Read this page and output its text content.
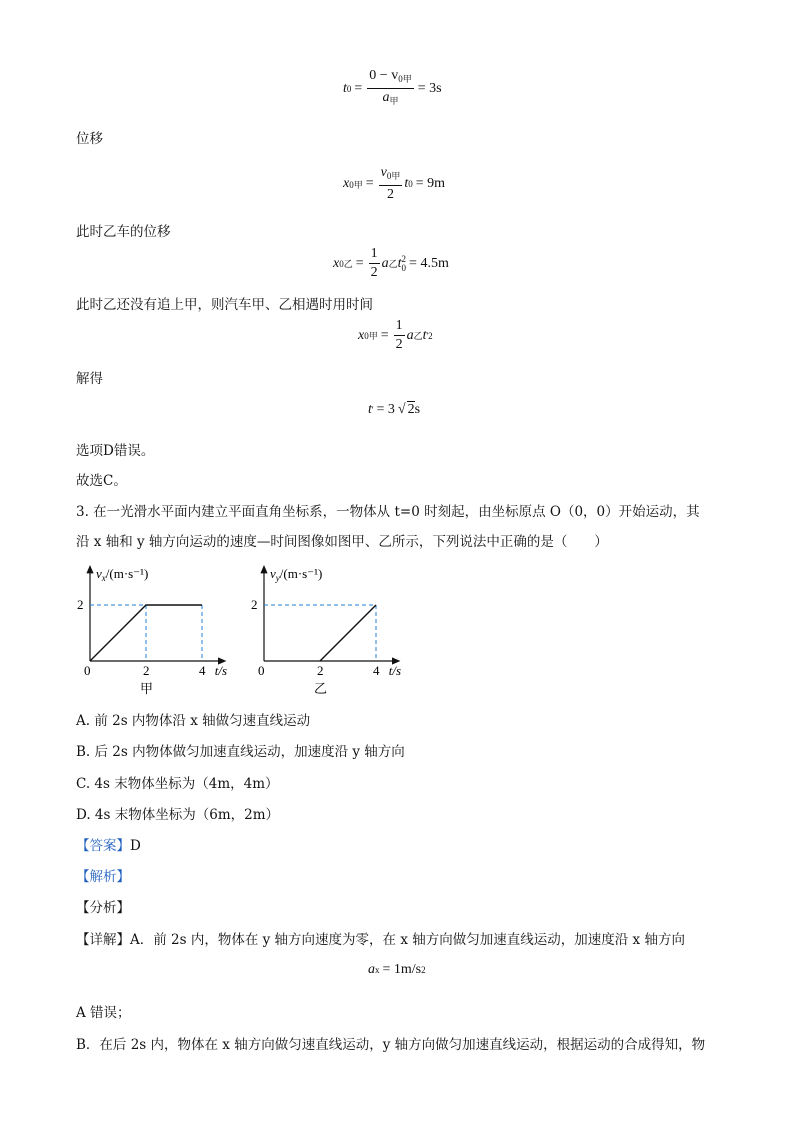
t $0 = \frac{0 - v_{0甲}}{a_甲} = 3s$
位移
x 0甲 = $\frac{v_{0甲}}{2}$ t 0 = 9m
此时乙车的位移
x 0乙 = $\frac{1}{2}$ a 乙 t 2
0 = 4.5m
此时乙还没有追上甲，则汽车甲、乙相遇时用时间
x 0甲 = $\frac{1}{2}$ a 乙 t '2
解得
t ' = 3 √ 2 s
选项D错误。
故选C。
3. 在一光滑水平面内建立平面直角坐标系，一物体从 t=0 时刻起，由坐标原点 O（0，0）开始运动，其
沿 x 轴和 y 轴方向运动的速度—时间图像如图甲、乙所示，下列说法中正确的是（　　）
0	2	4
2
$v_x/(m\cdot s^{-1})$
t/s
甲
0	2	4
2
$v_y/(m\cdot s^{-1})$
t/s
乙
A. 前 2s 内物体沿 x 轴做匀速直线运动
B. 后 2s 内物体做匀加速直线运动，加速度沿 y 轴方向
C. 4s 末物体坐标为（4m，4m）
D. 4s 末物体坐标为（6m，2m）
【答案】D
【解析】
【分析】
【详解】A．前 2s 内，物体在 y 轴方向速度为零，在 x 轴方向做匀加速直线运动，加速度沿 x 轴方向
a x = 1m/s 2
A 错误；
B．在后 2s 内，物体在 x 轴方向做匀速直线运动，y 轴方向做匀加速直线运动，根据运动的合成得知，物
